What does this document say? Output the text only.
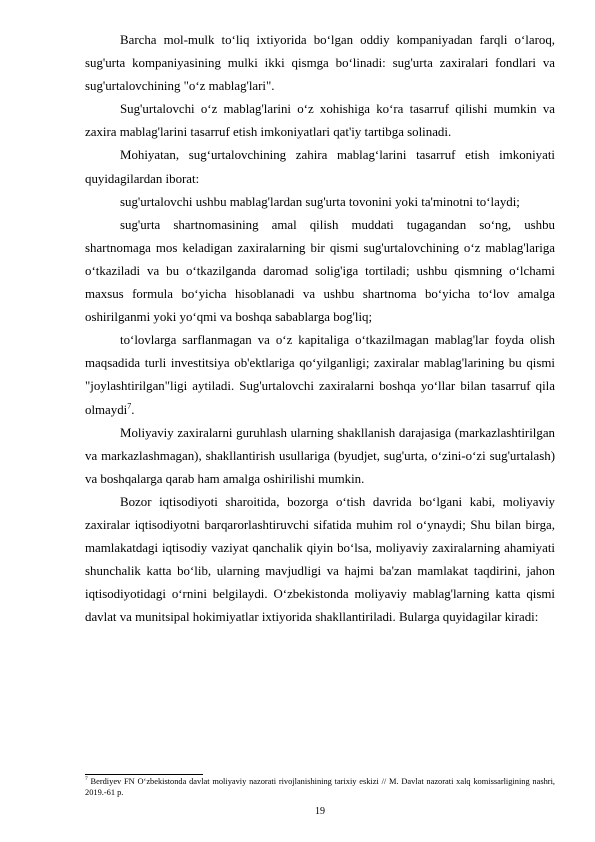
Barcha mol-mulk to‘liq ixtiyorida bo‘lgan oddiy kompaniyadan farqli o‘laroq, sug'urta kompaniyasining mulki ikki qismga bo‘linadi: sug'urta zaxiralari fondlari va sug'urtalovchining "o‘z mablag'lari".

Sug'urtalovchi o‘z mablag'larini o‘z xohishiga ko‘ra tasarruf qilishi mumkin va zaxira mablag'larini tasarruf etish imkoniyatlari qat'iy tartibga solinadi.

Mohiyatan, sug‘urtalovchining zahira mablag‘larini tasarruf etish imkoniyati quyidagilardan iborat:

sug'urtalovchi ushbu mablag'lardan sug'urta tovonini yoki ta'minotni to‘laydi;

sug'urta shartnomasining amal qilish muddati tugagandan so‘ng, ushbu shartnomaga mos keladigan zaxiralarning bir qismi sug'urtalovchining o‘z mablag'lariga o‘tkaziladi va bu o‘tkazilganda daromad solig'iga tortiladi; ushbu qismning o‘lchami maxsus formula bo‘yicha hisoblanadi va ushbu shartnoma bo‘yicha to‘lov amalga oshirilganmi yoki yo‘qmi va boshqa sabablarga bog'liq;

to‘lovlarga sarflanmagan va o‘z kapitaliga o‘tkazilmagan mablag'lar foyda olish maqsadida turli investitsiya ob'ektlariga qo‘yilganligi; zaxiralar mablag'larining bu qismi "joylashtirilgan"ligi aytiladi. Sug'urtalovchi zaxiralarni boshqa yo‘llar bilan tasarruf qila olmaydi$^7$.

Moliyaviy zaxiralarni guruhlash ularning shakllanish darajasiga (markazlashtirilgan va markazlashmagan), shakllantirish usullariga (byudjet, sug'urta, o‘zini-o‘zi sug'urtalash) va boshqalarga qarab ham amalga oshirilishi mumkin.

Bozor iqtisodiyoti sharoitida, bozorga o‘tish davrida bo‘lgani kabi, moliyaviy zaxiralar iqtisodiyotni barqarorlashtiruvchi sifatida muhim rol o‘ynaydi; Shu bilan birga, mamlakatdagi iqtisodiy vaziyat qanchalik qiyin bo‘lsa, moliyaviy zaxiralarning ahamiyati shunchalik katta bo‘lib, ularning mavjudligi va hajmi ba'zan mamlakat taqdirini, jahon iqtisodiyotidagi o‘rnini belgilaydi. O‘zbekistonda moliyaviy mablag'larning katta qismi davlat va munitsipal hokimiyatlar ixtiyorida shakllantiriladi. Bularga quyidagilar kiradi:

$^7$ Berdiyev FN O‘zbekistonda davlat moliyaviy nazorati rivojlanishining tarixiy eskizi // M. Davlat nazorati xalq komissarligining nashri, 2019.-61 p.
19
